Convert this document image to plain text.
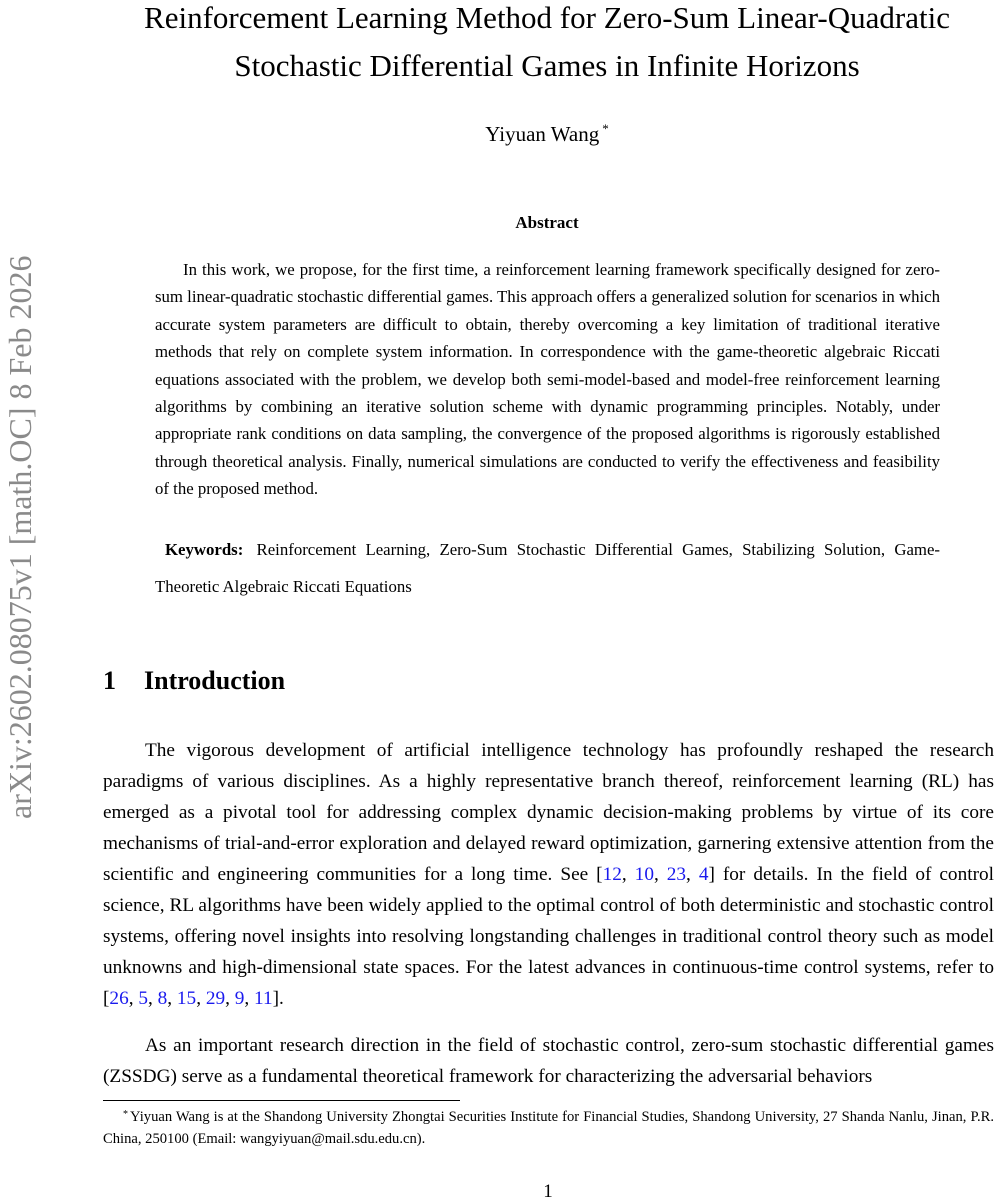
arXiv:2602.08075v1 [math.OC] 8 Feb 2026
Reinforcement Learning Method for Zero-Sum Linear-Quadratic
Stochastic Differential Games in Infinite Horizons
Yiyuan Wang *
Abstract
In this work, we propose, for the first time, a reinforcement learning framework specifically designed for zero-sum linear-quadratic stochastic differential games. This approach offers a generalized solution for scenarios in which accurate system parameters are difficult to obtain, thereby overcoming a key limitation of traditional iterative methods that rely on complete system information. In correspondence with the game-theoretic algebraic Riccati equations associated with the problem, we develop both semi-model-based and model-free reinforcement learning algorithms by combining an iterative solution scheme with dynamic programming principles. Notably, under appropriate rank conditions on data sampling, the convergence of the proposed algorithms is rigorously established through theoretical analysis. Finally, numerical simulations are conducted to verify the effectiveness and feasibility of the proposed method.
Keywords: Reinforcement Learning, Zero-Sum Stochastic Differential Games, Stabilizing Solution, Game-Theoretic Algebraic Riccati Equations
1 Introduction
The vigorous development of artificial intelligence technology has profoundly reshaped the research paradigms of various disciplines. As a highly representative branch thereof, reinforcement learning (RL) has emerged as a pivotal tool for addressing complex dynamic decision-making problems by virtue of its core mechanisms of trial-and-error exploration and delayed reward optimization, garnering extensive attention from the scientific and engineering communities for a long time. See [12, 10, 23, 4] for details. In the field of control science, RL algorithms have been widely applied to the optimal control of both deterministic and stochastic control systems, offering novel insights into resolving longstanding challenges in traditional control theory such as model unknowns and high-dimensional state spaces. For the latest advances in continuous-time control systems, refer to [26, 5, 8, 15, 29, 9, 11].
As an important research direction in the field of stochastic control, zero-sum stochastic differential games (ZSSDG) serve as a fundamental theoretical framework for characterizing the adversarial behaviors
* Yiyuan Wang is at the Shandong University Zhongtai Securities Institute for Financial Studies, Shandong University, 27 Shanda Nanlu, Jinan, P.R. China, 250100 (Email: wangyiyuan@mail.sdu.edu.cn).
1
